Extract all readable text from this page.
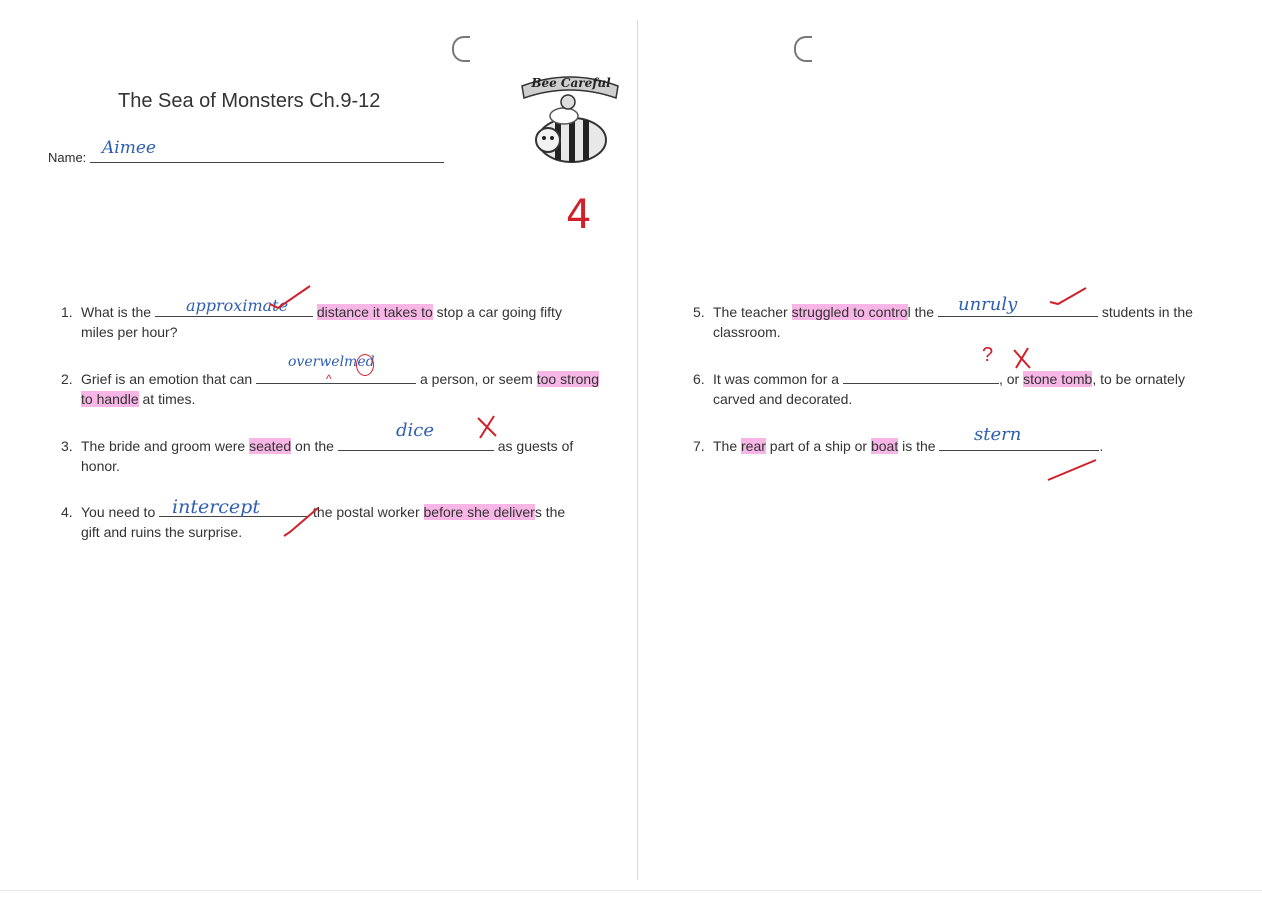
The Sea of Monsters Ch.9-12
Name: Aimee
Bee Careful
4
1. What is the	distance it takes to stop a car going fifty
miles per hour?
approximate
2. Grief is an emotion that can	a person, or seem too strong
to handle at times.
overwelmed
^
3. The bride and groom were seated on the	as guests of
honor.
dice
4. You need to	the postal worker before she delivers the
gift and ruins the surprise.
intercept
5. The teacher struggled to control the	students in the
classroom.
unruly
6. It was common for a	, or stone tomb, to be ornately
carved and decorated.
?
7. The rear part of a ship or boat is the	.
stern
